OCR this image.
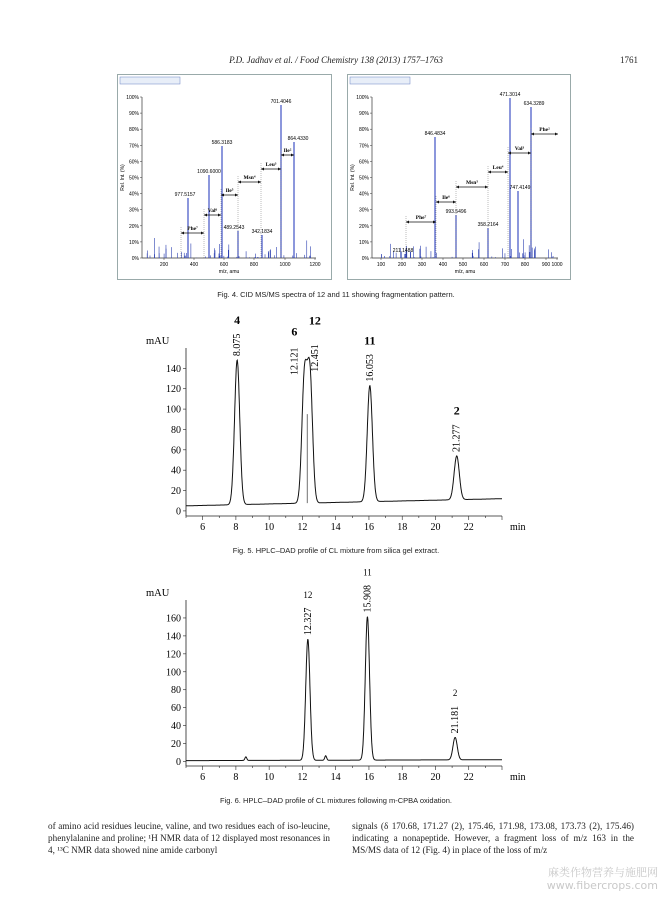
P.D. Jadhav et al. / Food Chemistry 138 (2013) 1757–1763	1761
100%
90%
80%
70%
60%
50%
40%
30%
20%
10%
0%
200	400	600	800	1000	1200
m/z, amu
Rel. Int. (%)
977.5157
1090.6000
586.3183
489.2543
342.1834
701.4046
864.4330
Phe⁷
Val⁶
Ile⁵
Msn⁴
Leu³
Ile²
100%
90%
80%
70%
60%
50%
40%
30%
20%
10%
0%
100	200 300	400 500	600	700 800	900 1000
m/z, amu
Rel. Int. (%)
846.4834
993.5496
358.2164
471.3014
634.3289
747.4149
211.1488
Phe⁷
Ile⁶
Msn⁵
Leu⁴
Val³
Phe²
Fig. 4. CID MS/MS spectra of 12 and 11 showing fragmentation pattern.
0
20
40
60
80
100
120
140
6	8	10 12 14 16 18 20 22	min
mAU	8.075
4
12.121
6
12.451
12
16.053
11
21.277
2
Fig. 5. HPLC–DAD profile of CL mixture from silica gel extract.
0
20
40
60
80
100
120
140
160
6	8	10 12 14 16 18 20 22	min
mAU
12.327
12	15.908
11
21.181
2
Fig. 6. HPLC–DAD profile of CL mixtures following m-CPBA oxidation.
of amino acid residues leucine, valine, and two residues each of iso-leucine, phenylalanine and proline; ¹H NMR data of 12 displayed most resonances in 4, ¹³C NMR data showed nine amide carbonyl
signals (δ 170.68, 171.27 (2), 175.46, 171.98, 173.08, 173.73 (2), 175.46) indicating a nonapeptide. However, a fragment loss of m/z 163 in the MS/MS data of 12 (Fig. 4) in place of the loss of m/z
麻类作物营养与施肥网
www.fibercrops.com
